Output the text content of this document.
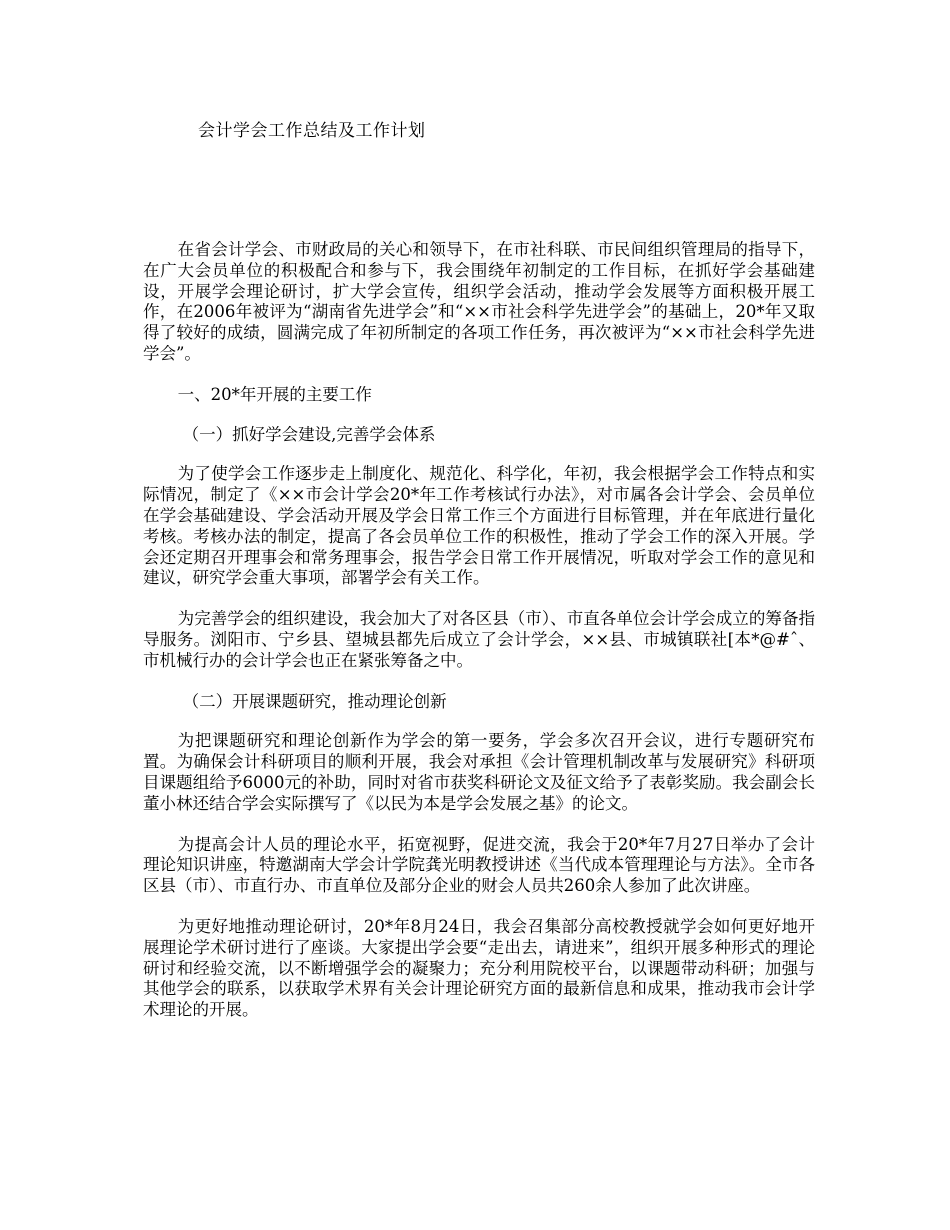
会计学会工作总结及工作计划

在省会计学会、市财政局的关心和领导下，在市社科联、市民间组织管理局的指导下，在广大会员单位的积极配合和参与下，我会围绕年初制定的工作目标，在抓好学会基础建设，开展学会理论研讨，扩大学会宣传，组织学会活动，推动学会发展等方面积极开展工作，在2006年被评为“湖南省先进学会”和“××市社会科学先进学会”的基础上，20*年又取得了较好的成绩，圆满完成了年初所制定的各项工作任务，再次被评为“××市社会科学先进学会”。

一、20*年开展的主要工作

（一）抓好学会建设,完善学会体系

为了使学会工作逐步走上制度化、规范化、科学化，年初，我会根据学会工作特点和实际情况，制定了《××市会计学会20*年工作考核试行办法》，对市属各会计学会、会员单位在学会基础建设、学会活动开展及学会日常工作三个方面进行目标管理，并在年底进行量化考核。考核办法的制定，提高了各会员单位工作的积极性，推动了学会工作的深入开展。学会还定期召开理事会和常务理事会，报告学会日常工作开展情况，听取对学会工作的意见和建议，研究学会重大事项，部署学会有关工作。

为完善学会的组织建设，我会加大了对各区县（市）、市直各单位会计学会成立的筹备指导服务。浏阳市、宁乡县、望城县都先后成立了会计学会，××县、市城镇联社[本*@#ˆ、市机械行办的会计学会也正在紧张筹备之中。

（二）开展课题研究，推动理论创新

为把课题研究和理论创新作为学会的第一要务，学会多次召开会议，进行专题研究布置。为确保会计科研项目的顺利开展，我会对承担《会计管理机制改革与发展研究》科研项目课题组给予6000元的补助，同时对省市获奖科研论文及征文给予了表彰奖励。我会副会长董小林还结合学会实际撰写了《以民为本是学会发展之基》的论文。

为提高会计人员的理论水平，拓宽视野，促进交流，我会于20*年7月27日举办了会计理论知识讲座，特邀湖南大学会计学院龚光明教授讲述《当代成本管理理论与方法》。全市各区县（市）、市直行办、市直单位及部分企业的财会人员共260余人参加了此次讲座。

为更好地推动理论研讨，20*年8月24日，我会召集部分高校教授就学会如何更好地开展理论学术研讨进行了座谈。大家提出学会要“走出去，请进来”，组织开展多种形式的理论研讨和经验交流，以不断增强学会的凝聚力；充分利用院校平台，以课题带动科研；加强与其他学会的联系，以获取学术界有关会计理论研究方面的最新信息和成果，推动我市会计学术理论的开展。
